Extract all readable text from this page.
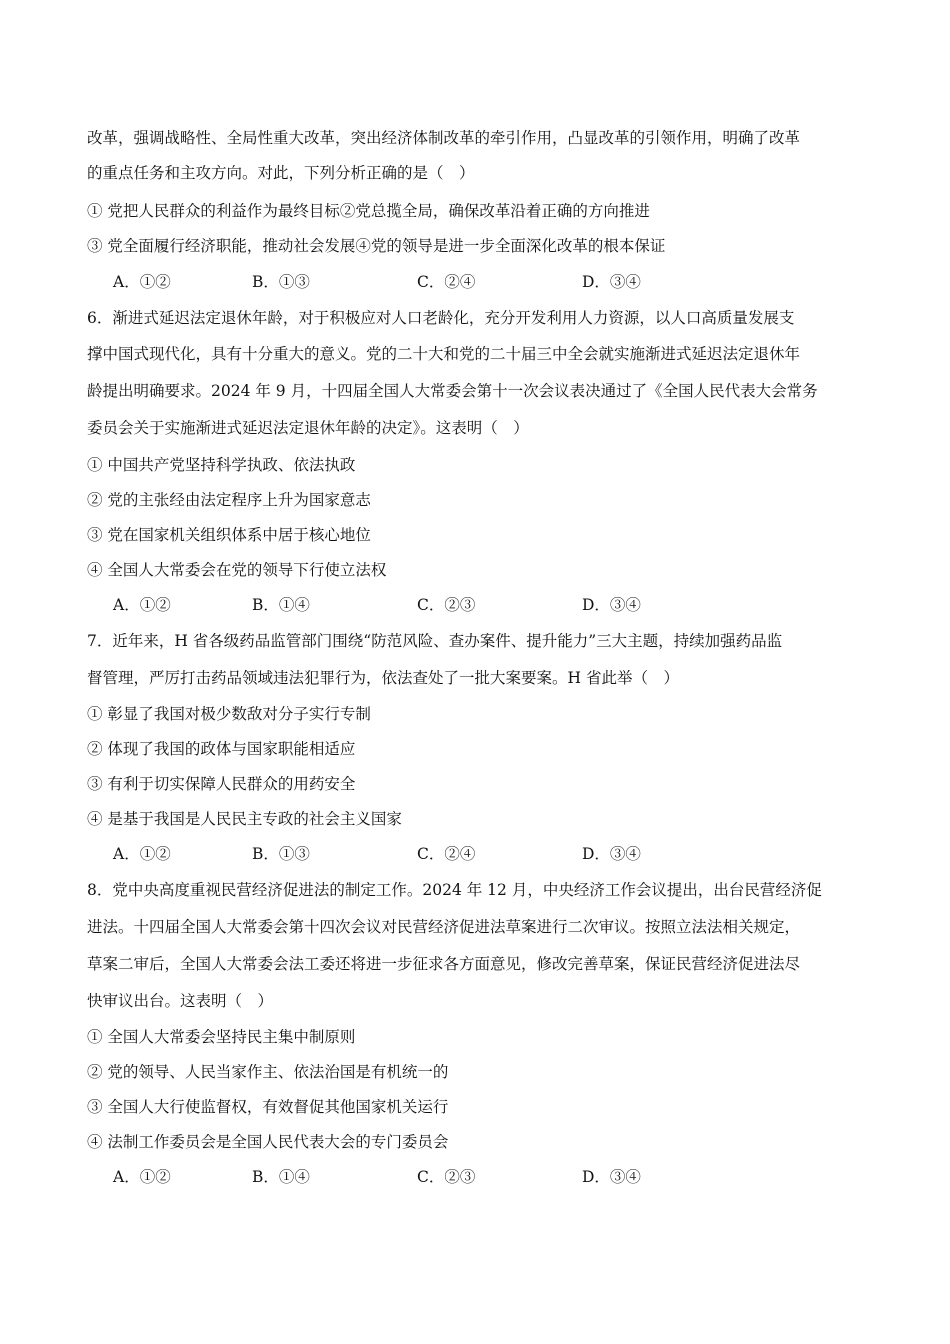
改革，强调战略性、全局性重大改革，突出经济体制改革的牵引作用，凸显改革的引领作用，明确了改革
的重点任务和主攻方向。对此，下列分析正确的是（　）
① 党把人民群众的利益作为最终目标②党总揽全局，确保改革沿着正确的方向推进
③ 党全面履行经济职能，推动社会发展④党的领导是进一步全面深化改革的根本保证
A．①②	B．①③	C．②④	D．③④
6．渐进式延迟法定退休年龄，对于积极应对人口老龄化，充分开发利用人力资源，以人口高质量发展支
撑中国式现代化，具有十分重大的意义。党的二十大和党的二十届三中全会就实施渐进式延迟法定退休年
龄提出明确要求。2024 年 9 月，十四届全国人大常委会第十一次会议表决通过了《全国人民代表大会常务
委员会关于实施渐进式延迟法定退休年龄的决定》。这表明（　）
① 中国共产党坚持科学执政、依法执政
② 党的主张经由法定程序上升为国家意志
③ 党在国家机关组织体系中居于核心地位
④ 全国人大常委会在党的领导下行使立法权
A．①②	B．①④	C．②③	D．③④
7．近年来，H 省各级药品监管部门围绕“防范风险、查办案件、提升能力”三大主题，持续加强药品监
督管理，严厉打击药品领域违法犯罪行为，依法查处了一批大案要案。H 省此举（　）
① 彰显了我国对极少数敌对分子实行专制
② 体现了我国的政体与国家职能相适应
③ 有利于切实保障人民群众的用药安全
④ 是基于我国是人民民主专政的社会主义国家
A．①②	B．①③	C．②④	D．③④
8．党中央高度重视民营经济促进法的制定工作。2024 年 12 月，中央经济工作会议提出，出台民营经济促
进法。十四届全国人大常委会第十四次会议对民营经济促进法草案进行二次审议。按照立法法相关规定，
草案二审后，全国人大常委会法工委还将进一步征求各方面意见，修改完善草案，保证民营经济促进法尽
快审议出台。这表明（　）
① 全国人大常委会坚持民主集中制原则
② 党的领导、人民当家作主、依法治国是有机统一的
③ 全国人大行使监督权，有效督促其他国家机关运行
④ 法制工作委员会是全国人民代表大会的专门委员会
A．①②	B．①④	C．②③	D．③④
